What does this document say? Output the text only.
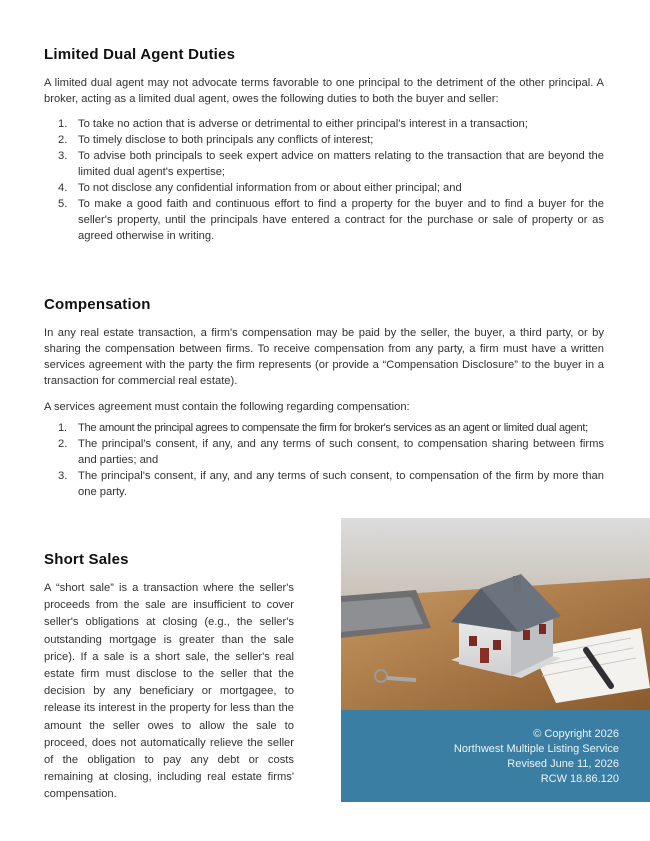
Limited Dual Agent Duties

A limited dual agent may not advocate terms favorable to one principal to the detriment of the other principal. A broker, acting as a limited dual agent, owes the following duties to both the buyer and seller:

1. To take no action that is adverse or detrimental to either principal's interest in a transaction;
2. To timely disclose to both principals any conflicts of interest;
3. To advise both principals to seek expert advice on matters relating to the transaction that are beyond the limited dual agent's expertise;
4. To not disclose any confidential information from or about either principal; and
5. To make a good faith and continuous effort to find a property for the buyer and to find a buyer for the seller's property, until the principals have entered a contract for the purchase or sale of property or as agreed otherwise in writing.
Compensation

In any real estate transaction, a firm's compensation may be paid by the seller, the buyer, a third party, or by sharing the compensation between firms. To receive compensation from any party, a firm must have a written services agreement with the party the firm represents (or provide a “Compensation Disclosure” to the buyer in a transaction for commercial real estate).

A services agreement must contain the following regarding compensation:

1. The amount the principal agrees to compensate the firm for broker's services as an agent or limited dual agent;
2. The principal's consent, if any, and any terms of such consent, to compensation sharing between firms and parties; and
3. The principal's consent, if any, and any terms of such consent, to compensation of the firm by more than one party.
Short Sales

A “short sale” is a transaction where the seller's proceeds from the sale are insufficient to cover seller's obligations at closing (e.g., the seller's outstanding mortgage is greater than the sale price). If a sale is a short sale, the seller's real estate firm must disclose to the seller that the decision by any beneficiary or mortgagee, to release its interest in the property for less than the amount the seller owes to allow the sale to proceed, does not automatically relieve the seller of the obligation to pay any debt or costs remaining at closing, including real estate firms' compensation.

© Copyright 2026
Northwest Multiple Listing Service
Revised June 11, 2026
RCW 18.86.120
